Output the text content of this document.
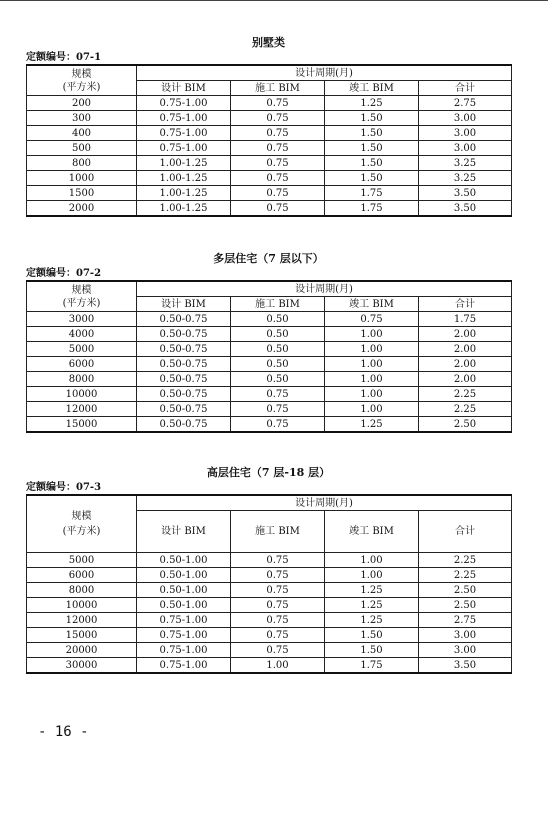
别墅类
定额编号：07-1
规模
(平方米)	设计周期(月)			
	设计 BIM	施工 BIM	竣工 BIM	合计
200	0.75-1.00	0.75	1.25	2.75
300	0.75-1.00	0.75	1.50	3.00
400	0.75-1.00	0.75	1.50	3.00
500	0.75-1.00	0.75	1.50	3.00
800	1.00-1.25	0.75	1.50	3.25
1000	1.00-1.25	0.75	1.50	3.25
1500	1.00-1.25	0.75	1.75	3.50
2000	1.00-1.25	0.75	1.75	3.50
多层住宅（7 层以下）
定额编号：07-2
规模
(平方米)	设计周期(月)			
	设计 BIM	施工 BIM	竣工 BIM	合计
3000	0.50-0.75	0.50	0.75	1.75
4000	0.50-0.75	0.50	1.00	2.00
5000	0.50-0.75	0.50	1.00	2.00
6000	0.50-0.75	0.50	1.00	2.00
8000	0.50-0.75	0.50	1.00	2.00
10000	0.50-0.75	0.75	1.00	2.25
12000	0.50-0.75	0.75	1.00	2.25
15000	0.50-0.75	0.75	1.25	2.50
高层住宅（7 层-18 层）
定额编号：07-3
规模
(平方米)	设计周期(月)			
	设计 BIM	施工 BIM	竣工 BIM	合计
5000	0.50-1.00	0.75	1.00	2.25
6000	0.50-1.00	0.75	1.00	2.25
8000	0.50-1.00	0.75	1.25	2.50
10000	0.50-1.00	0.75	1.25	2.50
12000	0.75-1.00	0.75	1.25	2.75
15000	0.75-1.00	0.75	1.50	3.00
20000	0.75-1.00	0.75	1.50	3.00
30000	0.75-1.00	1.00	1.75	3.50
- 16 -
